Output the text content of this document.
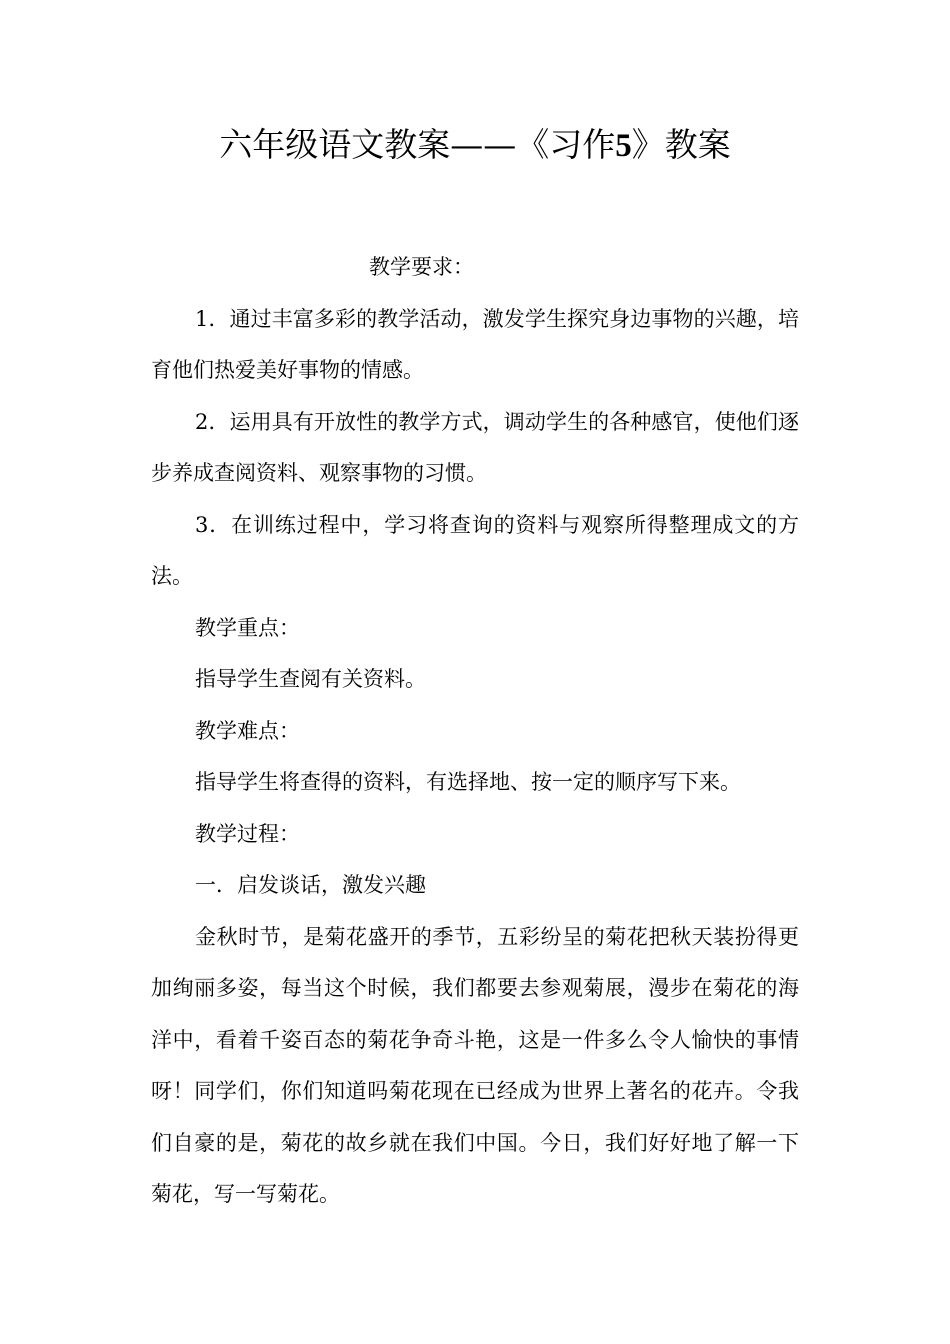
六年级语文教案——《习作5》教案

教学要求：

1．通过丰富多彩的教学活动，激发学生探究身边事物的兴趣，培育他们热爱美好事物的情感。

2．运用具有开放性的教学方式，调动学生的各种感官，使他们逐步养成查阅资料、观察事物的习惯。

3．在训练过程中，学习将查询的资料与观察所得整理成文的方法。

教学重点：

指导学生查阅有关资料。

教学难点：

指导学生将查得的资料，有选择地、按一定的顺序写下来。

教学过程：

一．启发谈话，激发兴趣

金秋时节，是菊花盛开的季节，五彩纷呈的菊花把秋天装扮得更加绚丽多姿，每当这个时候，我们都要去参观菊展，漫步在菊花的海洋中，看着千姿百态的菊花争奇斗艳，这是一件多么令人愉快的事情呀！同学们，你们知道吗菊花现在已经成为世界上著名的花卉。令我们自豪的是，菊花的故乡就在我们中国。今日，我们好好地了解一下菊花，写一写菊花。
